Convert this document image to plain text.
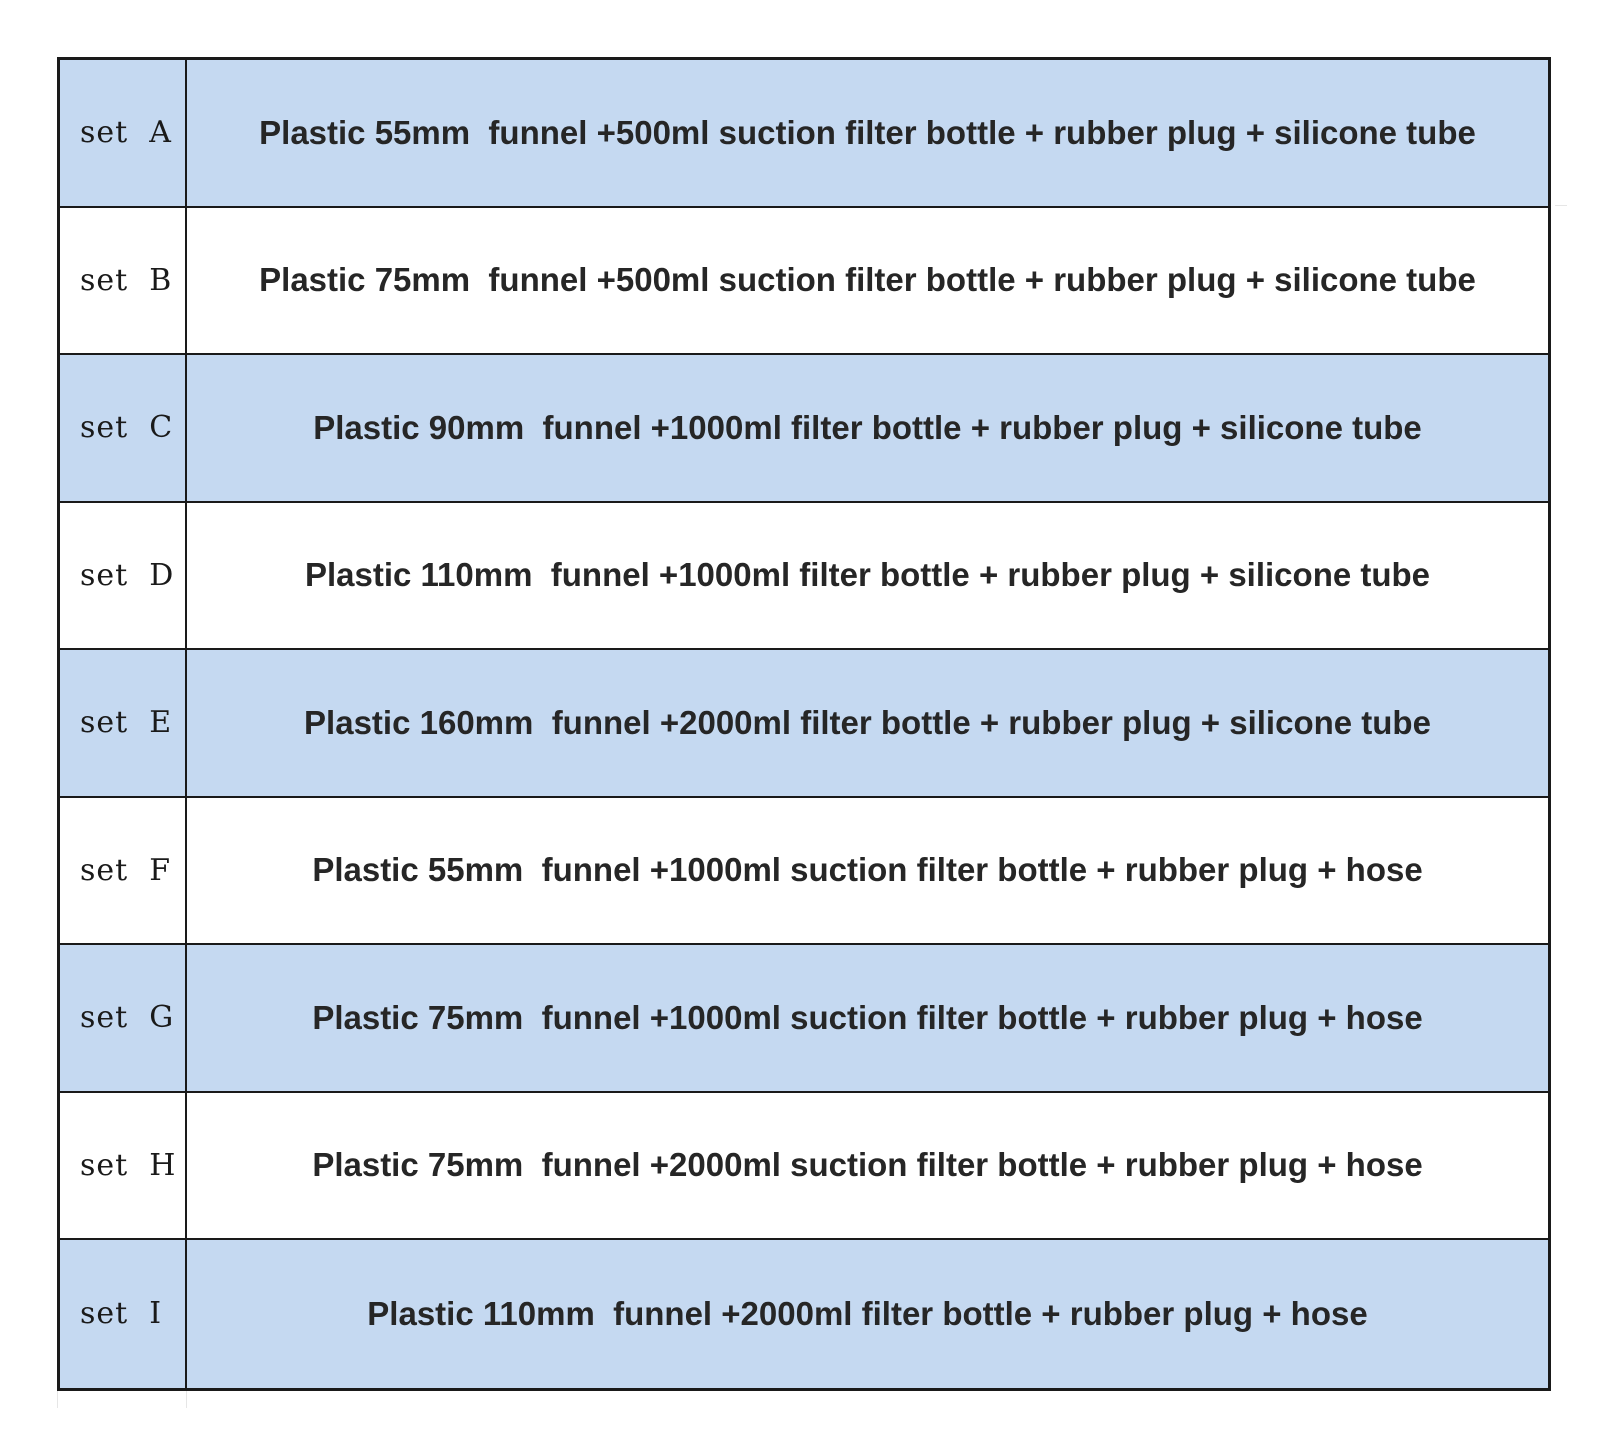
set  A	Plastic 55mm  funnel +500ml suction filter bottle + rubber plug + silicone tube
set  B	Plastic 75mm  funnel +500ml suction filter bottle + rubber plug + silicone tube
set  C	Plastic 90mm  funnel +1000ml filter bottle + rubber plug + silicone tube
set  D	Plastic 110mm  funnel +1000ml filter bottle + rubber plug + silicone tube
set  E	Plastic 160mm  funnel +2000ml filter bottle + rubber plug + silicone tube
set  F	Plastic 55mm  funnel +1000ml suction filter bottle + rubber plug + hose
set  G	Plastic 75mm  funnel +1000ml suction filter bottle + rubber plug + hose
set  H	Plastic 75mm  funnel +2000ml suction filter bottle + rubber plug + hose
set  I	Plastic 110mm  funnel +2000ml filter bottle + rubber plug + hose
